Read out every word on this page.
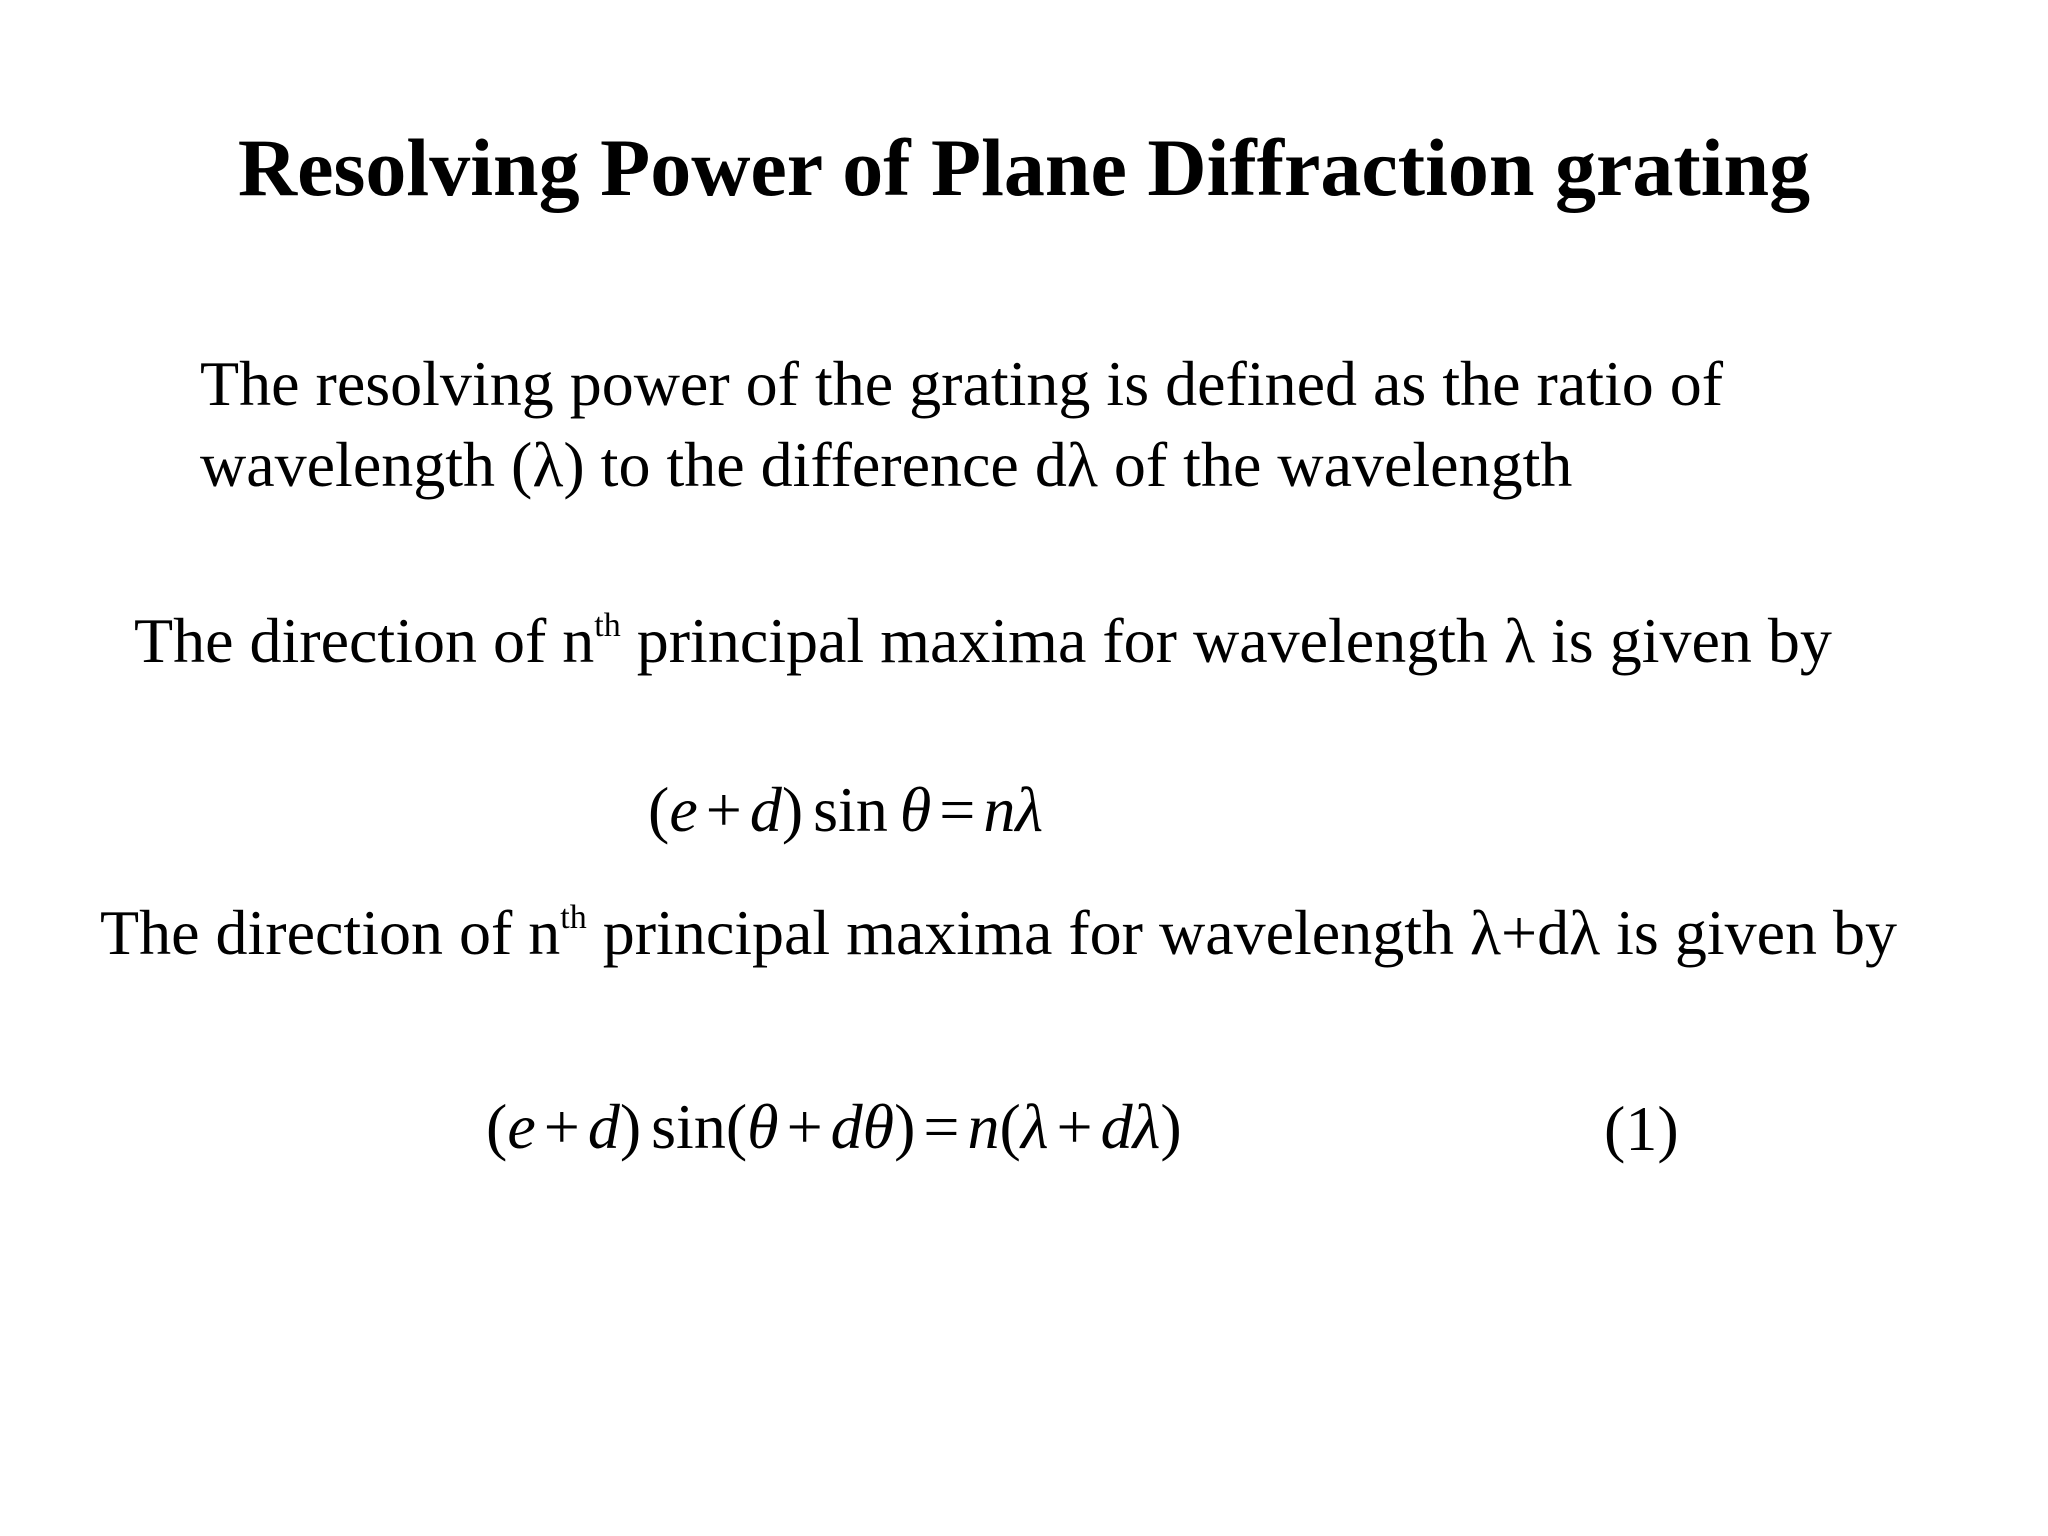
Resolving Power of Plane Diffraction grating

The resolving power of the grating is defined as the ratio of

wavelength (λ) to the difference dλ of the wavelength

The direction of $n^{th}$ principal maxima for wavelength λ is given by

(e + d) sin θ = nλ

The direction of $n^{th}$ principal maxima for wavelength λ+dλ is given by

(e + d) sin(θ + dθ) = n(λ + dλ)	(1)
